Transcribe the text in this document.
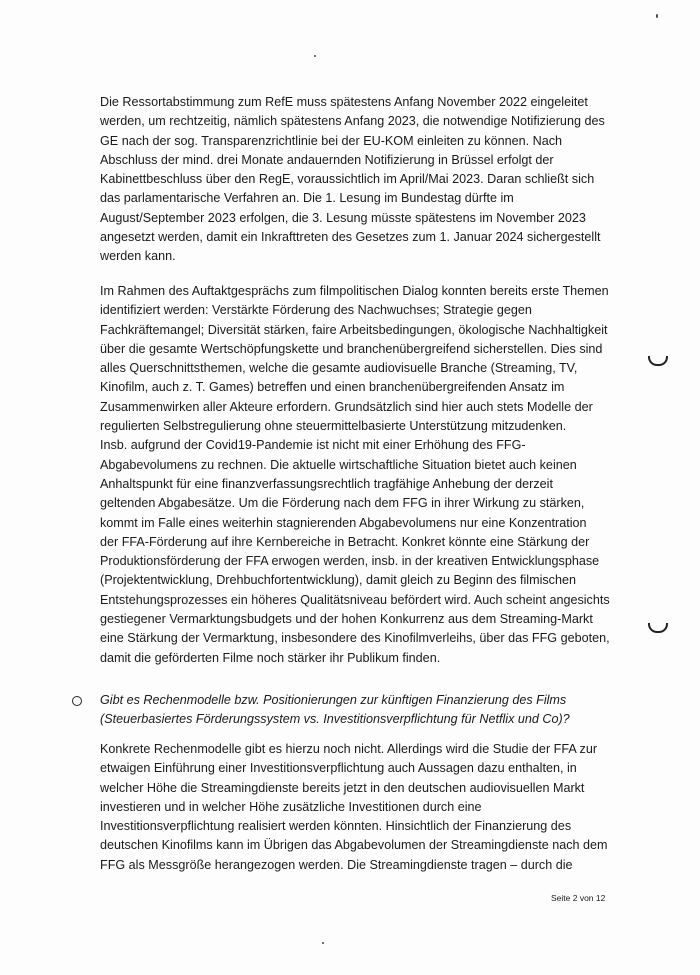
Die Ressortabstimmung zum RefE muss spätestens Anfang November 2022 eingeleitet
werden, um rechtzeitig, nämlich spätestens Anfang 2023, die notwendige Notifizierung des
GE nach der sog. Transparenzrichtlinie bei der EU-KOM einleiten zu können. Nach
Abschluss der mind. drei Monate andauernden Notifizierung in Brüssel erfolgt der
Kabinettbeschluss über den RegE, voraussichtlich im April/Mai 2023. Daran schließt sich
das parlamentarische Verfahren an. Die 1. Lesung im Bundestag dürfte im
August/September 2023 erfolgen, die 3. Lesung müsste spätestens im November 2023
angesetzt werden, damit ein Inkrafttreten des Gesetzes zum 1. Januar 2024 sichergestellt
werden kann.
Im Rahmen des Auftaktgesprächs zum filmpolitischen Dialog konnten bereits erste Themen
identifiziert werden: Verstärkte Förderung des Nachwuchses; Strategie gegen
Fachkräftemangel; Diversität stärken, faire Arbeitsbedingungen, ökologische Nachhaltigkeit
über die gesamte Wertschöpfungskette und branchenübergreifend sicherstellen. Dies sind
alles Querschnittsthemen, welche die gesamte audiovisuelle Branche (Streaming, TV,
Kinofilm, auch z. T. Games) betreffen und einen branchenübergreifenden Ansatz im
Zusammenwirken aller Akteure erfordern. Grundsätzlich sind hier auch stets Modelle der
regulierten Selbstregulierung ohne steuermittelbasierte Unterstützung mitzudenken.
Insb. aufgrund der Covid19-Pandemie ist nicht mit einer Erhöhung des FFG-
Abgabevolumens zu rechnen. Die aktuelle wirtschaftliche Situation bietet auch keinen
Anhaltspunkt für eine finanzverfassungsrechtlich tragfähige Anhebung der derzeit
geltenden Abgabesätze. Um die Förderung nach dem FFG in ihrer Wirkung zu stärken,
kommt im Falle eines weiterhin stagnierenden Abgabevolumens nur eine Konzentration
der FFA-Förderung auf ihre Kernbereiche in Betracht. Konkret könnte eine Stärkung der
Produktionsförderung der FFA erwogen werden, insb. in der kreativen Entwicklungsphase
(Projektentwicklung, Drehbuchfortentwicklung), damit gleich zu Beginn des filmischen
Entstehungsprozesses ein höheres Qualitätsniveau befördert wird. Auch scheint angesichts
gestiegener Vermarktungsbudgets und der hohen Konkurrenz aus dem Streaming-Markt
eine Stärkung der Vermarktung, insbesondere des Kinofilmverleihs, über das FFG geboten,
damit die geförderten Filme noch stärker ihr Publikum finden.
Gibt es Rechenmodelle bzw. Positionierungen zur künftigen Finanzierung des Films
(Steuerbasiertes Förderungssystem vs. Investitionsverpflichtung für Netflix und Co)?
Konkrete Rechenmodelle gibt es hierzu noch nicht. Allerdings wird die Studie der FFA zur
etwaigen Einführung einer Investitionsverpflichtung auch Aussagen dazu enthalten, in
welcher Höhe die Streamingdienste bereits jetzt in den deutschen audiovisuellen Markt
investieren und in welcher Höhe zusätzliche Investitionen durch eine
Investitionsverpflichtung realisiert werden könnten. Hinsichtlich der Finanzierung des
deutschen Kinofilms kann im Übrigen das Abgabevolumen der Streamingdienste nach dem
FFG als Messgröße herangezogen werden. Die Streamingdienste tragen – durch die
Seite 2 von 12
